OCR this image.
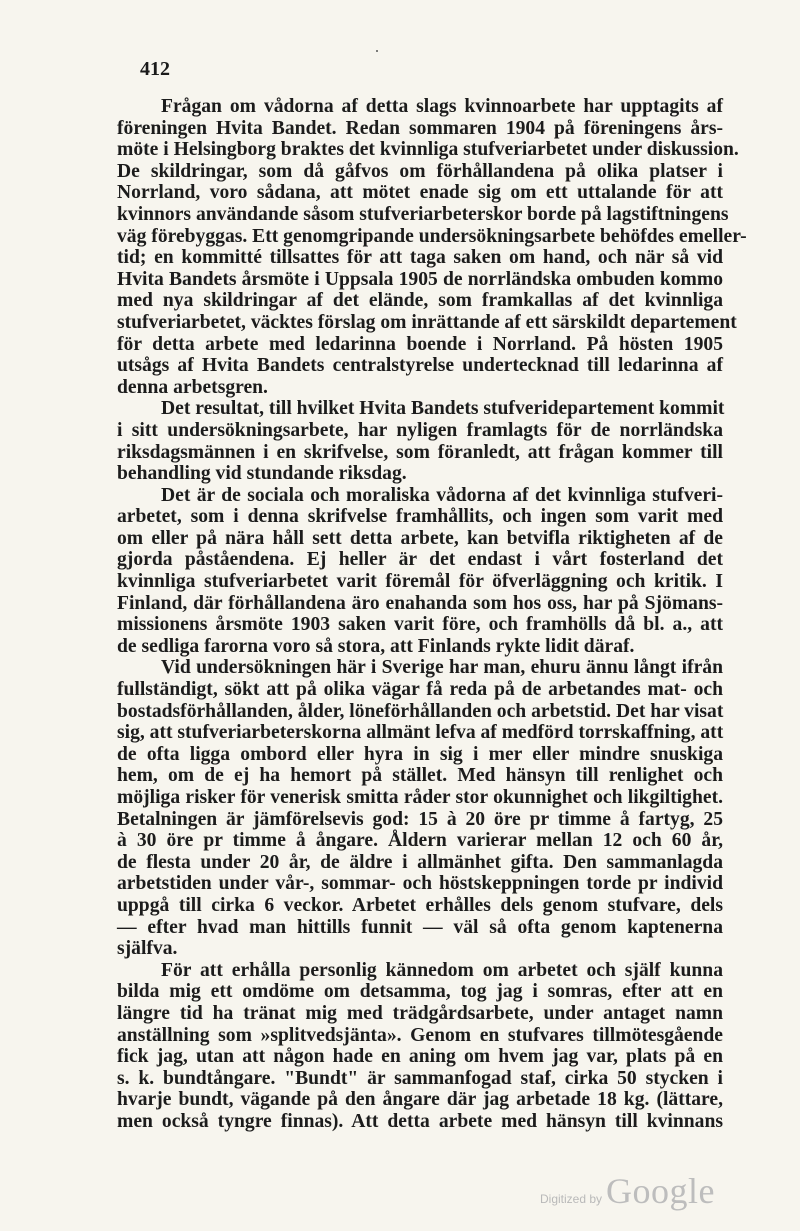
412
Frågan om vådorna af detta slags kvinnoarbete har upptagits af
föreningen Hvita Bandet. Redan sommaren 1904 på föreningens års-
möte i Helsingborg braktes det kvinnliga stufveriarbetet under diskussion.
De skildringar, som då gåfvos om förhållandena på olika platser i
Norrland, voro sådana, att mötet enade sig om ett uttalande för att
kvinnors användande såsom stufveriarbeterskor borde på lagstiftningens
väg förebyggas. Ett genomgripande undersökningsarbete behöfdes emeller-
tid; en kommitté tillsattes för att taga saken om hand, och när så vid
Hvita Bandets årsmöte i Uppsala 1905 de norrländska ombuden kommo
med nya skildringar af det elände, som framkallas af det kvinnliga
stufveriarbetet, väcktes förslag om inrättande af ett särskildt departement
för detta arbete med ledarinna boende i Norrland. På hösten 1905
utsågs af Hvita Bandets centralstyrelse undertecknad till ledarinna af
denna arbetsgren.
Det resultat, till hvilket Hvita Bandets stufveridepartement kommit
i sitt undersökningsarbete, har nyligen framlagts för de norrländska
riksdagsmännen i en skrifvelse, som föranledt, att frågan kommer till
behandling vid stundande riksdag.
Det är de sociala och moraliska vådorna af det kvinnliga stufveri-
arbetet, som i denna skrifvelse framhållits, och ingen som varit med
om eller på nära håll sett detta arbete, kan betvifla riktigheten af de
gjorda påståendena. Ej heller är det endast i vårt fosterland det
kvinnliga stufveriarbetet varit föremål för öfverläggning och kritik. I
Finland, där förhållandena äro enahanda som hos oss, har på Sjömans-
missionens årsmöte 1903 saken varit före, och framhölls då bl. a., att
de sedliga farorna voro så stora, att Finlands rykte lidit däraf.
Vid undersökningen här i Sverige har man, ehuru ännu långt ifrån
fullständigt, sökt att på olika vägar få reda på de arbetandes mat- och
bostadsförhållanden, ålder, löneförhållanden och arbetstid. Det har visat
sig, att stufveriarbeterskorna allmänt lefva af medförd torrskaffning, att
de ofta ligga ombord eller hyra in sig i mer eller mindre snuskiga
hem, om de ej ha hemort på stället. Med hänsyn till renlighet och
möjliga risker för venerisk smitta råder stor okunnighet och likgiltighet.
Betalningen är jämförelsevis god: 15 à 20 öre pr timme å fartyg, 25
à 30 öre pr timme å ångare. Åldern varierar mellan 12 och 60 år,
de flesta under 20 år, de äldre i allmänhet gifta. Den sammanlagda
arbetstiden under vår-, sommar- och höstskeppningen torde pr individ
uppgå till cirka 6 veckor. Arbetet erhålles dels genom stufvare, dels
— efter hvad man hittills funnit — väl så ofta genom kaptenerna
själfva.
För att erhålla personlig kännedom om arbetet och själf kunna
bilda mig ett omdöme om detsamma, tog jag i somras, efter att en
längre tid ha tränat mig med trädgårdsarbete, under antaget namn
anställning som »splitvedsjänta». Genom en stufvares tillmötesgående
fick jag, utan att någon hade en aning om hvem jag var, plats på en
s. k. bundtångare. "Bundt" är sammanfogad staf, cirka 50 stycken i
hvarje bundt, vägande på den ångare där jag arbetade 18 kg. (lättare,
men också tyngre finnas). Att detta arbete med hänsyn till kvinnans
Digitized by Google
